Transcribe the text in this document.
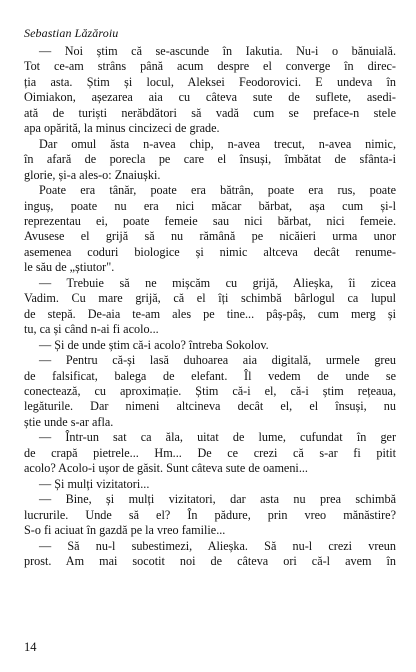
Sebastian Lăzăroiu
— Noi știm că se-ascunde în Iakutia. Nu-i o bănuială.
Tot ce-am strâns până acum despre el converge în direc-
ția asta. Știm și locul, Aleksei Feodorovici. E undeva în
Oimiakon, așezarea aia cu câteva sute de suflete, asedi-
ată de turiști nerăbdători să vadă cum se preface-n stele
apa opărită, la minus cincizeci de grade.
Dar omul ăsta n-avea chip, n-avea trecut, n-avea nimic,
în afară de porecla pe care el însuși, îmbătat de sfânta-i
glorie, și-a ales-o: Znaiușki.
Poate era tânăr, poate era bătrân, poate era rus, poate
inguș, poate nu era nici măcar bărbat, așa cum și-l
reprezentau ei, poate femeie sau nici bărbat, nici femeie.
Avusese el grijă să nu rămână pe nicăieri urma unor
asemenea coduri biologice și nimic altceva decât renume-
le său de „știutor".
— Trebuie să ne mișcăm cu grijă, Alieșka, îi zicea
Vadim. Cu mare grijă, că el îți schimbă bârlogul ca lupul
de stepă. De-aia te-am ales pe tine... pâș-pâș, cum merg și
tu, ca și când n-ai fi acolo...
— Și de unde știm că-i acolo? întreba Sokolov.
— Pentru că-și lasă duhoarea aia digitală, urmele greu
de falsificat, balega de elefant. Îl vedem de unde se
conectează, cu aproximație. Știm că-i el, că-i știm rețeaua,
legăturile. Dar nimeni altcineva decât el, el însuși, nu
știe unde s-ar afla.
— Într-un sat ca ăla, uitat de lume, cufundat în ger
de crapă pietrele... Hm... De ce crezi că s-ar fi pitit
acolo? Acolo-i ușor de găsit. Sunt câteva sute de oameni...
— Și mulți vizitatori...
— Bine, și mulți vizitatori, dar asta nu prea schimbă
lucrurile. Unde să el? În pădure, prin vreo mănăstire?
S-o fi aciuat în gazdă pe la vreo familie...
— Să nu-l subestimezi, Alieșka. Să nu-l crezi vreun
prost. Am mai socotit noi de câteva ori că-l avem în
14
